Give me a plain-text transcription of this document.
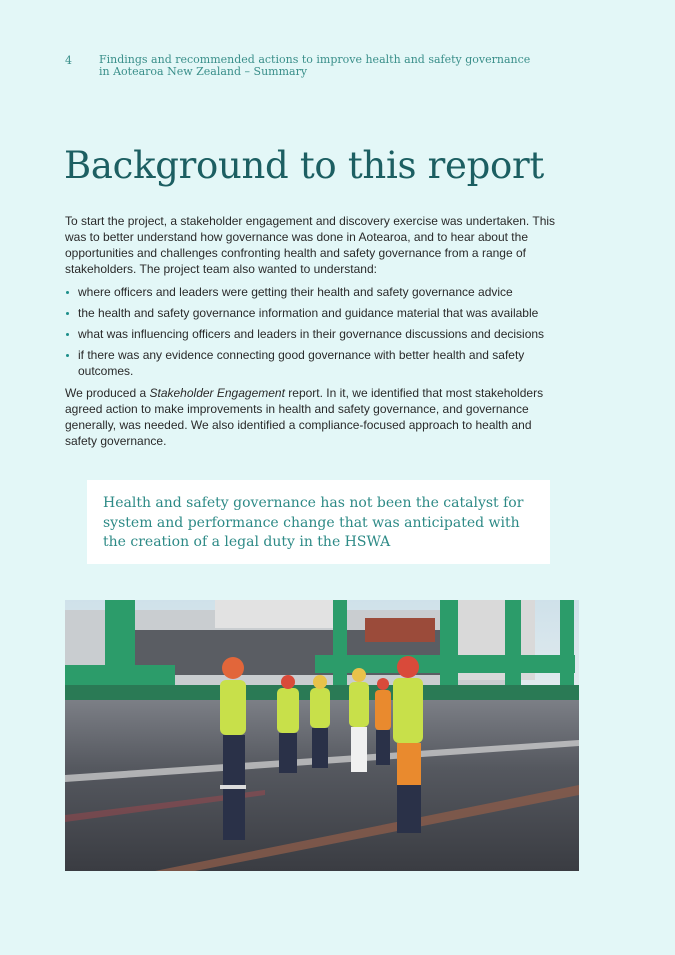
4 Findings and recommended actions to improve health and safety governance
in Aotearoa New Zealand – Summary
Background to this report

To start the project, a stakeholder engagement and discovery exercise was undertaken. This was to better understand how governance was done in Aotearoa, and to hear about the opportunities and challenges confronting health and safety governance from a range of stakeholders. The project team also wanted to understand:

where officers and leaders were getting their health and safety governance advice
the health and safety governance information and guidance material that was available
what was influencing officers and leaders in their governance discussions and decisions
if there was any evidence connecting good governance with better health and safety outcomes.

We produced a Stakeholder Engagement report. In it, we identified that most stakeholders agreed action to make improvements in health and safety governance, and governance generally, was needed. We also identified a compliance-focused approach to health and safety governance.

Health and safety governance has not been the catalyst for system and performance change that was anticipated with the creation of a legal duty in the HSWA
